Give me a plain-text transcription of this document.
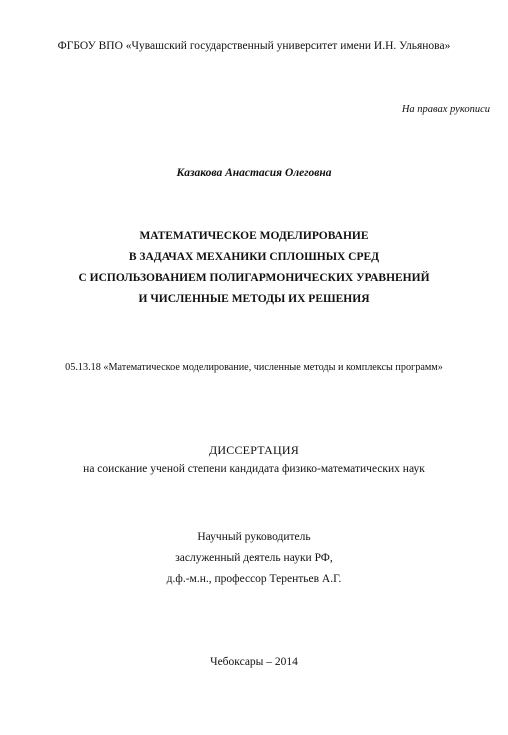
ФГБОУ ВПО «Чувашский государственный университет имени И.Н. Ульянова»
На правах рукописи
Казакова Анастасия Олеговна
МАТЕМАТИЧЕСКОЕ МОДЕЛИРОВАНИЕ
В ЗАДАЧАХ МЕХАНИКИ СПЛОШНЫХ СРЕД
С ИСПОЛЬЗОВАНИЕМ ПОЛИГАРМОНИЧЕСКИХ УРАВНЕНИЙ
И ЧИСЛЕННЫЕ МЕТОДЫ ИХ РЕШЕНИЯ
05.13.18 «Математическое моделирование, численные методы и комплексы программ»
ДИССЕРТАЦИЯ
на соискание ученой степени кандидата физико-математических наук
Научный руководитель
заслуженный деятель науки РФ,
д.ф.-м.н., профессор Терентьев А.Г.
Чебоксары – 2014
